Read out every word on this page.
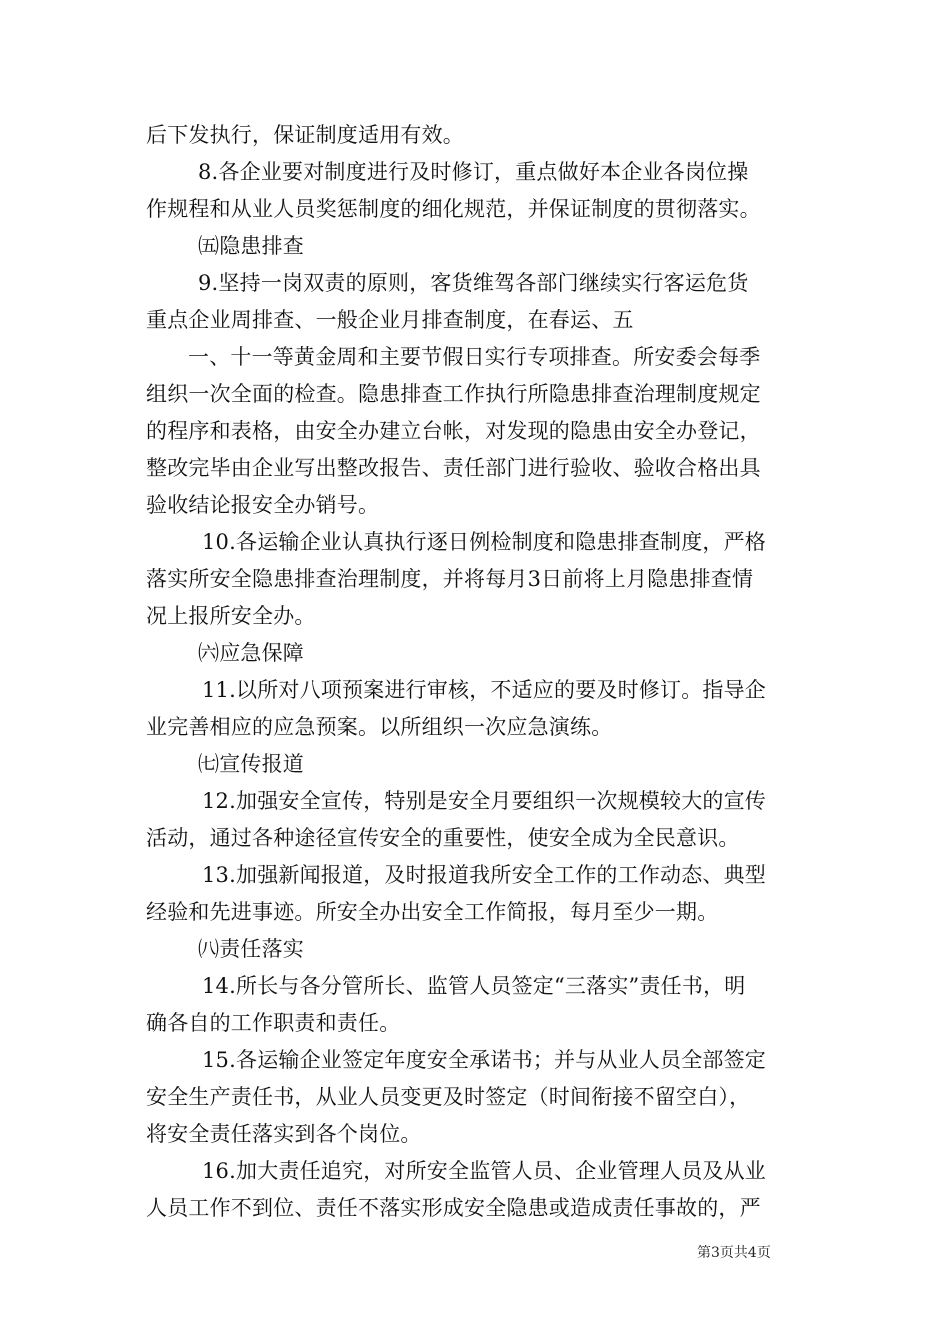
后下发执行，保证制度适用有效。
8.各企业要对制度进行及时修订，重点做好本企业各岗位操
作规程和从业人员奖惩制度的细化规范，并保证制度的贯彻落实。
㈤隐患排查
9.坚持一岗双责的原则，客货维驾各部门继续实行客运危货
重点企业周排查、一般企业月排查制度，在春运、五
一、十一等黄金周和主要节假日实行专项排查。所安委会每季
组织一次全面的检查。隐患排查工作执行所隐患排查治理制度规定
的程序和表格，由安全办建立台帐，对发现的隐患由安全办登记，
整改完毕由企业写出整改报告、责任部门进行验收、验收合格出具
验收结论报安全办销号。
10.各运输企业认真执行逐日例检制度和隐患排查制度，严格
落实所安全隐患排查治理制度，并将每月3日前将上月隐患排查情
况上报所安全办。
㈥应急保障
11.以所对八项预案进行审核，不适应的要及时修订。指导企
业完善相应的应急预案。以所组织一次应急演练。
㈦宣传报道
12.加强安全宣传，特别是安全月要组织一次规模较大的宣传
活动，通过各种途径宣传安全的重要性，使安全成为全民意识。
13.加强新闻报道，及时报道我所安全工作的工作动态、典型
经验和先进事迹。所安全办出安全工作简报，每月至少一期。
㈧责任落实
14.所长与各分管所长、监管人员签定“三落实”责任书，明
确各自的工作职责和责任。
15.各运输企业签定年度安全承诺书；并与从业人员全部签定
安全生产责任书，从业人员变更及时签定（时间衔接不留空白），
将安全责任落实到各个岗位。
16.加大责任追究，对所安全监管人员、企业管理人员及从业
人员工作不到位、责任不落实形成安全隐患或造成责任事故的，严
第3页共4页
